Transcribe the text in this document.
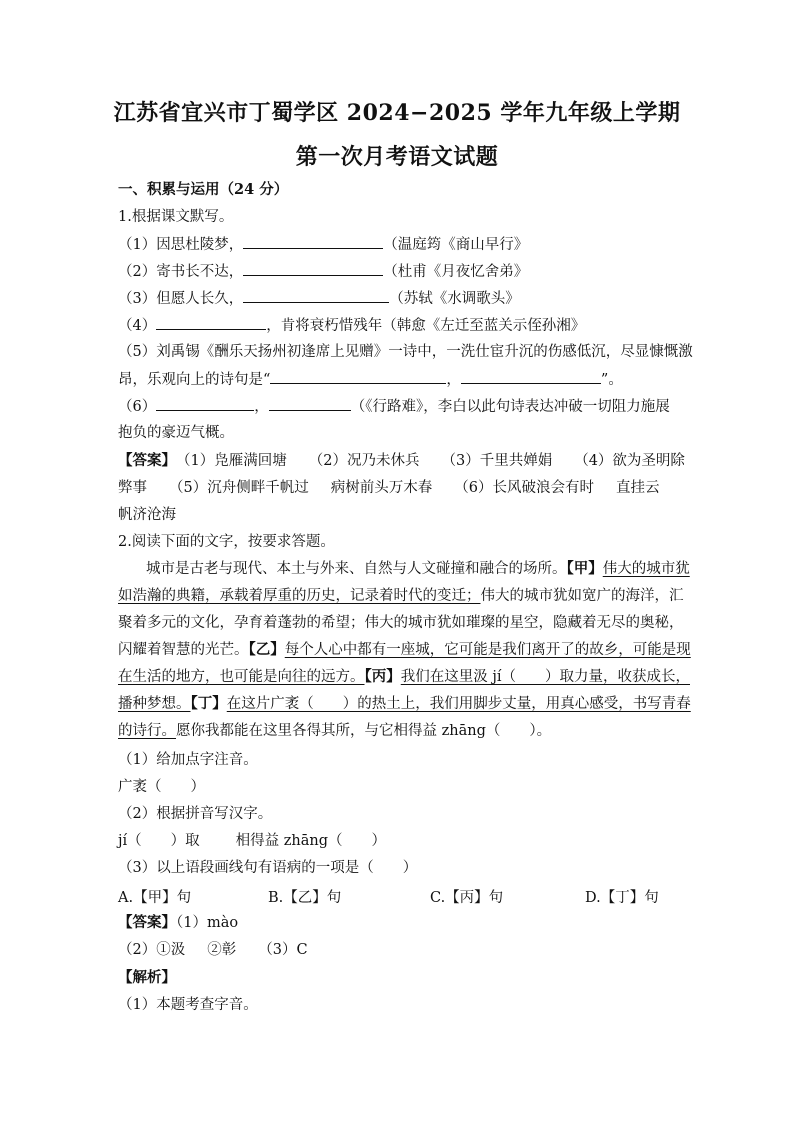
江苏省宜兴市丁蜀学区 2024−2025 学年九年级上学期
第一次月考语文试题
一、积累与运用（24 分）
1.根据课文默写。
（1）因思杜陵梦，	（温庭筠《商山早行》
（2）寄书长不达，	（杜甫《月夜忆舍弟》
（3）但愿人长久，	（苏轼《水调歌头》
（4）	，肯将衰朽惜残年（韩愈《左迁至蓝关示侄孙湘》
（5）刘禹锡《酬乐天扬州初逢席上见赠》一诗中，一洗仕宦升沉的伤感低沉，尽显慷慨激
昂，乐观向上的诗句是“	，	”。
（6）	，	（《行路难》，李白以此句诗表达冲破一切阻力施展
抱负的豪迈气概。
【答案】（1）凫雁满回塘 （2）况乃未休兵 （3）千里共婵娟 （4）欲为圣明除
弊事 （5）沉舟侧畔千帆过 病树前头万木春 （6）长风破浪会有时 直挂云
帆济沧海
2.阅读下面的文字，按要求答题。
城市是古老与现代、本土与外来、自然与人文碰撞和融合的场所。【甲】伟大的城市犹
如浩瀚的典籍，承载着厚重的历史，记录着时代的变迁；伟大的城市犹如宽广的海洋，汇
聚着多元的文化，孕育着蓬勃的希望；伟大的城市犹如璀璨的星空，隐藏着无尽的奥秘，
闪耀着智慧的光芒。【乙】每个人心中都有一座城，它可能是我们离开了的故乡，可能是现
在生活的地方，也可能是向往的远方。【丙】我们在这里汲 jí（　　）取力量，收获成长，
播种梦想。【丁】在这片广袤（　　）的热土上，我们用脚步丈量，用真心感受，书写青春
的诗行。愿你我都能在这里各得其所，与它相得益 zhāng（　　）。
（1）给加点字注音。
广袤（　　）
（2）根据拼音写汉字。
jí（　　）取 相得益 zhāng（　　）
（3）以上语段画线句有语病的一项是（　　）
A.【甲】句	B.【乙】句	C.【丙】句	D.【丁】句
【答案】（1）mào
（2）①汲 ②彰 （3）C
【解析】
（1）本题考查字音。
